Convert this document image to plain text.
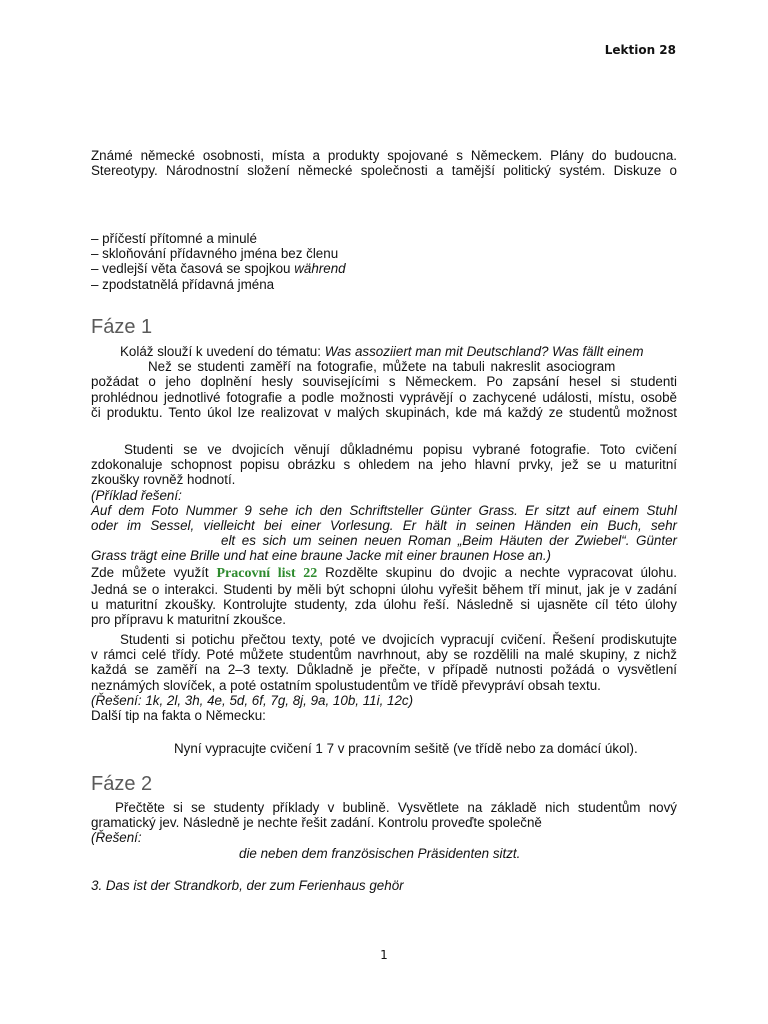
Lektion 28
Známé německé osobnosti, místa a produkty spojované s Německem. Plány do budoucna.
Stereotypy. Národnostní složení německé společnosti a tamější politický systém. Diskuze o
– příčestí přítomné a minulé
– skloňování přídavného jména bez členu
– vedlejší věta časová se spojkou während
– zpodstatnělá přídavná jména
Fáze 1
Koláž slouží k uvedení do tématu: Was assoziiert man mit Deutschland? Was fällt einem
Než se studenti zaměří na fotografie, můžete na tabuli nakreslit asociogram
požádat o jeho doplnění hesly souvisejícími s Německem. Po zapsání hesel si studenti
prohlédnou jednotlivé fotografie a podle možnosti vyprávějí o zachycené události, místu, osobě
či produktu. Tento úkol lze realizovat v malých skupinách, kde má každý ze studentů možnost
Studenti se ve dvojicích věnují důkladnému popisu vybrané fotografie. Toto cvičení
zdokonaluje schopnost popisu obrázku s ohledem na jeho hlavní prvky, jež se u maturitní
zkoušky rovněž hodnotí.
(Příklad řešení:
Auf dem Foto Nummer 9 sehe ich den Schriftsteller Günter Grass. Er sitzt auf einem Stuhl
oder im Sessel, vielleicht bei einer Vorlesung. Er hält in seinen Händen ein Buch, sehr
elt es sich um seinen neuen Roman „Beim Häuten der Zwiebel“. Günter
Grass trägt eine Brille und hat eine braune Jacke mit einer braunen Hose an.)
Zde můžete využít Pracovní list 22 Rozdělte skupinu do dvojic a nechte vypracovat úlohu.
Jedná se o interakci. Studenti by měli být schopni úlohu vyřešit během tří minut, jak je v zadání
u maturitní zkoušky. Kontrolujte studenty, zda úlohu řeší. Následně si ujasněte cíl této úlohy
pro přípravu k maturitní zkoušce.
Studenti si potichu přečtou texty, poté ve dvojicích vypracují cvičení. Řešení prodiskutujte
v rámci celé třídy. Poté můžete studentům navrhnout, aby se rozdělili na malé skupiny, z nichž
každá se zaměří na 2–3 texty. Důkladně je přečte, v případě nutnosti požádá o vysvětlení
neznámých slovíček, a poté ostatním spolustudentům ve třídě převypráví obsah textu.
(Řešení: 1k, 2l, 3h, 4e, 5d, 6f, 7g, 8j, 9a, 10b, 11i, 12c)
Další tip na fakta o Německu:
Nyní vypracujte cvičení 1 7 v pracovním sešitě (ve třídě nebo za domácí úkol).
Fáze 2
Přečtěte si se studenty příklady v bublině. Vysvětlete na základě nich studentům nový
gramatický jev. Následně je nechte řešit zadání. Kontrolu proveďte společně
(Řešení:
die neben dem französischen Präsidenten sitzt.
3. Das ist der Strandkorb, der zum Ferienhaus gehör
1
